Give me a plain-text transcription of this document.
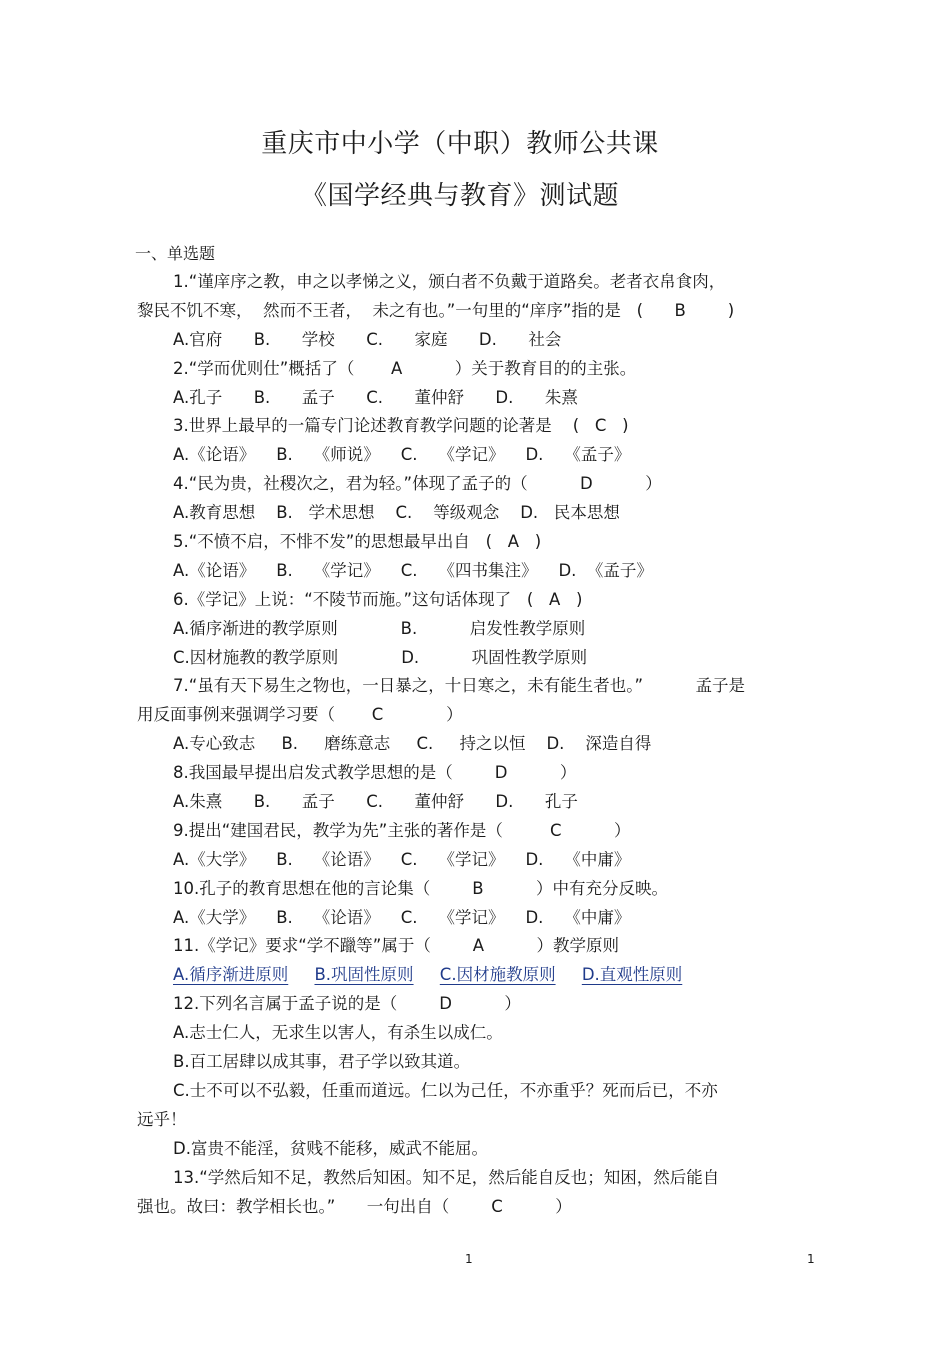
重庆市中小学（中职）教师公共课
《国学经典与教育》测试题
一、单选题
1.“谨庠序之教，申之以孝悌之义，颁白者不负戴于道路矣。老者衣帛食肉，
黎民不饥不寒，  然而不王者，  未之有也。”一句里的“庠序”指的是   (      B        )
A.官府      B.      学校      C.      家庭      D.      社会
2.“学而优则仕”概括了（       A          ）关于教育目的的主张。
A.孔子      B.      孟子      C.      董仲舒      D.      朱熹
3.世界上最早的一篇专门论述教育教学问题的论著是    (   C   )
A.《论语》    B.    《师说》    C.    《学记》    D.    《孟子》
4.“民为贵，社稷次之，君为轻。”体现了孟子的（          D          ）
A.教育思想    B.   学术思想    C.    等级观念    D.   民本思想
5.“不愤不启，不悱不发”的思想最早出自   (   A   )
A.《论语》    B.    《学记》    C.    《四书集注》    D.  《孟子》
6.《学记》上说：“不陵节而施。”这句话体现了   (   A   )
A.循序渐进的教学原则            B.          启发性教学原则
C.因材施教的教学原则            D.          巩固性教学原则
7.“虽有天下易生之物也，一日暴之，十日寒之，未有能生者也。”          孟子是
用反面事例来强调学习要（       C            ）
A.专心致志     B.     磨练意志     C.     持之以恒    D.    深造自得
8.我国最早提出启发式教学思想的是（        D          ）
A.朱熹      B.      孟子      C.      董仲舒      D.      孔子
9.提出“建国君民，教学为先”主张的著作是（         C          ）
A.《大学》    B.    《论语》    C.    《学记》    D.    《中庸》
10.孔子的教育思想在他的言论集（        B          ）中有充分反映。
A.《大学》    B.    《论语》    C.    《学记》    D.    《中庸》
11.《学记》要求“学不躐等”属于（        A          ）教学原则
A.循序渐进原则 B.巩固性原则 C.因材施教原则 D.直观性原则
12.下列名言属于孟子说的是（        D          ）
A.志士仁人，无求生以害人，有杀生以成仁。
B.百工居肆以成其事，君子学以致其道。
C.士不可以不弘毅，任重而道远。仁以为己任，不亦重乎？死而后已，不亦
远乎！
D.富贵不能淫，贫贱不能移，威武不能屈。
13.“学然后知不足，教然后知困。知不足，然后能自反也；知困，然后能自
强也。故曰：教学相长也。”      一句出自（        C          ）
1	1
